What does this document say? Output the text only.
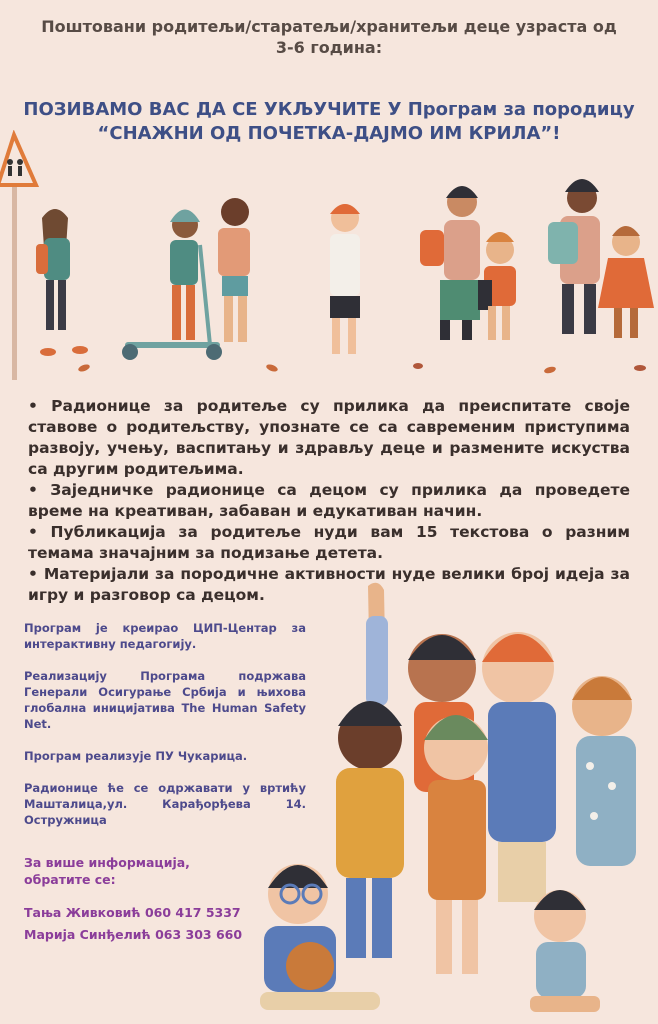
Поштовани родитељи/старатељи/хранитељи деце узраста од
3-6 година:
ПОЗИВАМО ВАС ДА СЕ УКЉУЧИТЕ У Програм за породицу
“СНАЖНИ ОД ПОЧЕТКА-ДАЈМО ИМ КРИЛА”!

• Радионице за родитеље су прилика да преиспитате своје ставове о родитељству, упознате се са савременим приступима развоју, учењу, васпитању и здрављу деце и размените искуства са другим родитељима.

• Заједничке радионице са децом су прилика да проведете време на креативан, забаван и едукативан начин.

• Публикација за родитеље нуди вам 15 текстова о разним темама значајним за подизање детета.

• Материјали за породичне активности нуде велики број идеја за игру и разговор са децом.

Програм је креирао ЦИП-Центар за интерактивну педагогију.

Реализацију Програма подржава Генерали Осигурање Србија и њихова глобална иницијатива The Human Safety Net.

Програм реализује ПУ Чукарица.

Радионице ће се одржавати у вртићу Машталица,ул. Карађорђева 14. Остружница

За више информација,

обратите се:

Тања Живковић 060 417 5337
Марија Синђелић 063 303 660
